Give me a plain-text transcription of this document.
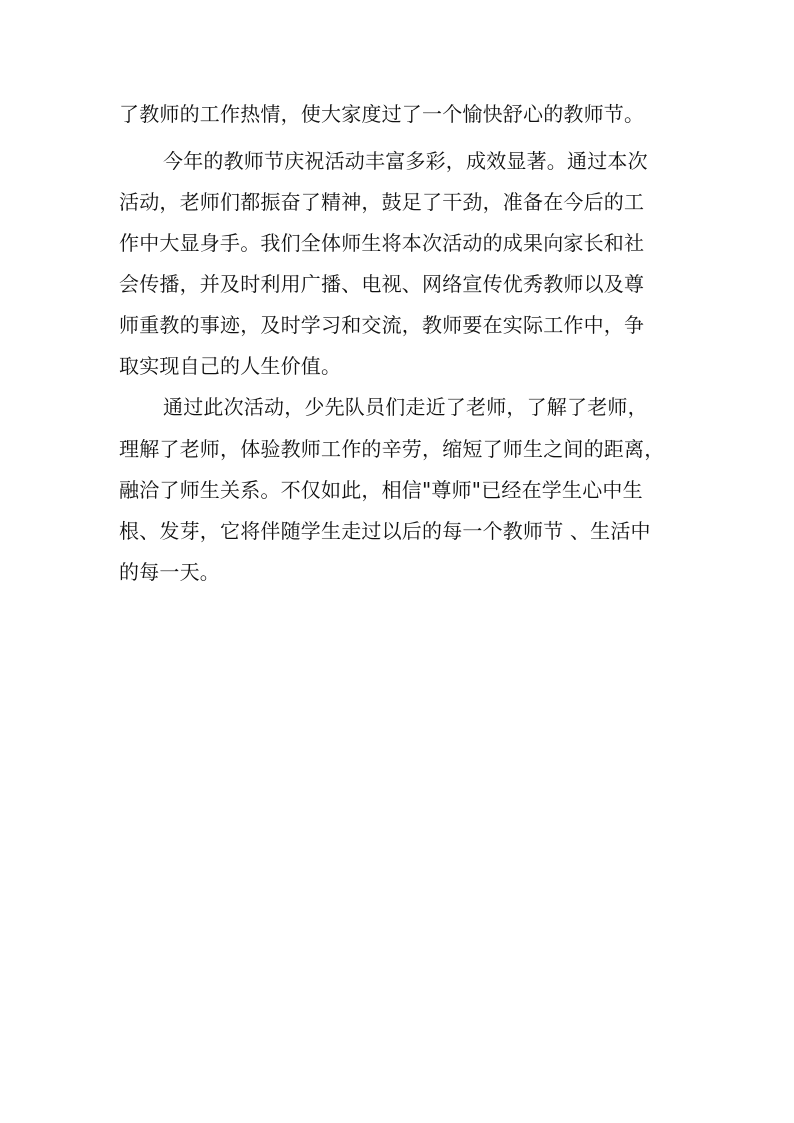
了教师的工作热情，使大家度过了一个愉快舒心的教师节。
今年的教师节庆祝活动丰富多彩，成效显著。通过本次
活动，老师们都振奋了精神，鼓足了干劲，准备在今后的工
作中大显身手。我们全体师生将本次活动的成果向家长和社
会传播，并及时利用广播、电视、网络宣传优秀教师以及尊
师重教的事迹，及时学习和交流，教师要在实际工作中，争
取实现自己的人生价值。
通过此次活动，少先队员们走近了老师，了解了老师，
理解了老师，体验教师工作的辛劳，缩短了师生之间的距离，
融洽了师生关系。不仅如此，相信"尊师"已经在学生心中生
根、发芽，它将伴随学生走过以后的每一个教师节 、生活中
的每一天。
